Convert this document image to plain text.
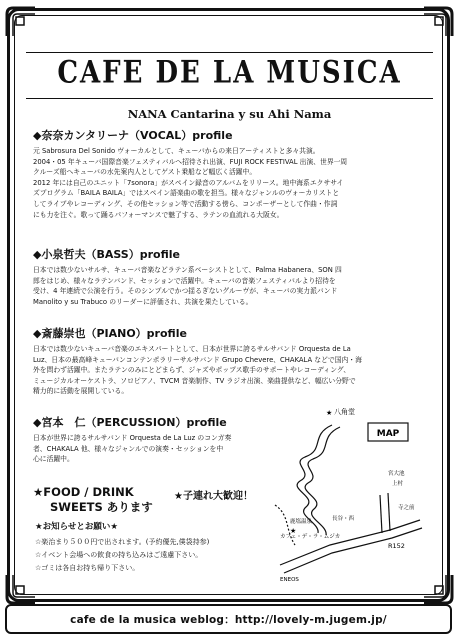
CAFE DE LA MUSICA
NANA Cantarina y su Ahi Nama
◆奈奈カンタリーナ（VOCAL）profile

元 Sabrosura Del Sonido ヴォーカルとして、キューバからの来日アーティストと多々共演。

2004・05 年キューバ国際音楽フェスティバルへ招待され出演、FUJI ROCK FESTIVAL 出演、世界一周

クルーズ船へキューバの水先案内人としてゲスト乗船など幅広く活躍中。

2012 年には自己のユニット「7sonora」がスペイン録音のアルバムをリリース。地中海系エクササイ

ズプログラム「BAILA BAILA」ではスペイン語楽曲の歌を担当。様々なジャンルのヴォーカリストと

してライブやレコーディング、その他セッション等で活動する傍ら、コンポーザーとして作曲・作詞

にも力を注ぐ。歌って踊るパフォーマンスで魅了する、ラテンの血流れる大阪女。

◆小泉哲夫（BASS）profile

日本では数少ないサルサ、キューバ音楽などラテン系ベーシストとして、Palma Habanera、SON 四

郎をはじめ、様々なラテンバンド、セッションで活躍中。キューバの音楽フェスティバルより招待を

受け、4 年連続で公演を行う。そのシンプルでかつ揺るぎないグルーヴが、キューバの実力派バンド

Manolito y su Trabuco のリーダーに評価され、共演を果たしている。

◆斎藤崇也（PIANO）profile

日本では数少ないキューバ音楽のエキスパートとして、日本が世界に誇るサルサバンド Orquesta de La

Luz、日本の最高峰キューバンコンテンポラリーサルサバンド Grupo Chevere、CHAKALA などで国内・海

外を問わず活躍中。またラテンのみにとどまらず、ジャズやポップス歌手のサポートやレコーディング、

ミュージカルオーケストラ、ソロピアノ、TVCM 音楽制作、TV ラジオ出演、楽曲提供など、幅広い分野で

精力的に活動を展開している。

◆宮本　仁（PERCUSSION）profile

日本が世界に誇るサルサバンド Orquesta de La Luz のコンガ奏

者、CHAKALA 他、様々なジャンルでの演奏・セッションを中

心に活躍中。

★FOOD / DRINK
SWEETS あります
★子連れ大歓迎！
★お知らせとお願い★

☆楽治まり５００円で出されます。(予約優先,僕袋持参)

☆イベント会場への飲食の持ち込みはご遠慮下さい。

☆ゴミは各自お持ち帰り下さい。

MAP
八角堂
★
宮大池
上村
寺之前
鹿塩温泉	長谷・西
カフェ・デ・ラ・ムジカ
★
R152
ENEOS
cafe de la musica weblog：http://lovely-m.jugem.jp/
